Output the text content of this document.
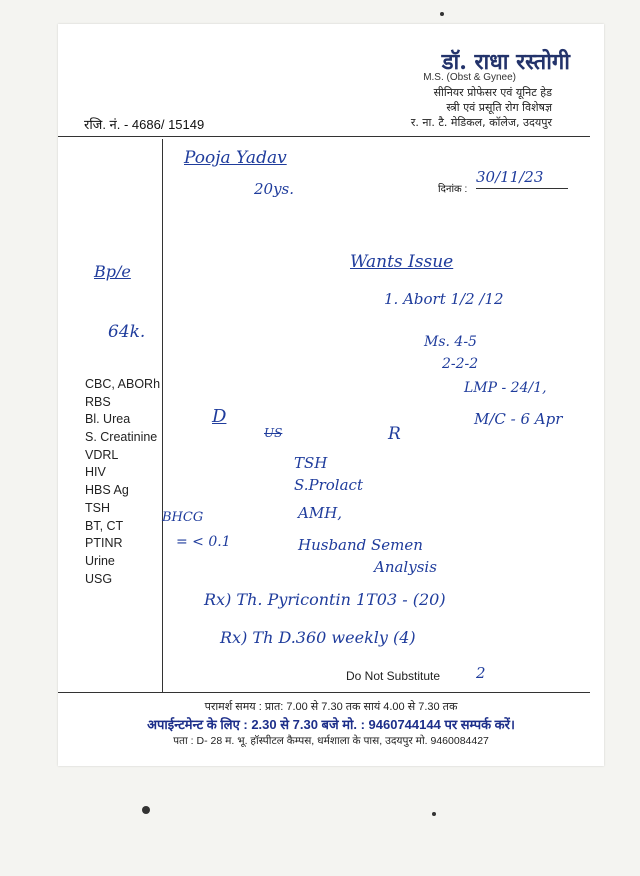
डॉ. राधा रस्तोगी
M.S. (Obst & Gynee)
सीनियर प्रोफेसर एवं यूनिट हेड
स्त्री एवं प्रसूति रोग विशेषज्ञ
र. ना. टै. मेडिकल, कॉलेज, उदयपुर
रजि. नं. - 4686/ 15149
दिनांक :
CBC, ABORh
RBS
Bl. Urea
S. Creatinine
VDRL
HIV
HBS Ag
TSH
BT, CT
PTINR
Urine
USG
Pooja Yadav
20ys.
30/11/23
Bp/e
64k.
Wants Issue
1. Abort 1/2 /12
Ms. 4-5
2-2-2
LMP - 24/1,
M/C - 6 Apr
D
US	R
TSH
S.Prolact
AMH,
Husband Semen
Analysis
BHCG
= < 0.1
Rx) Th. Pyricontin 1T03 - (20)
Rx) Th D.360 weekly (4)
Do Not Substitute 2
परामर्श समय : प्रात: 7.00 से 7.30 तक सायं 4.00 से 7.30 तक
अपाईन्टमेन्ट के लिए : 2.30 से 7.30 बजे मो. : 9460744144 पर सम्पर्क करें।
पता : D- 28 म. भू. हॉस्पीटल कैम्पस, धर्मशाला के पास, उदयपुर मो. 9460084427
